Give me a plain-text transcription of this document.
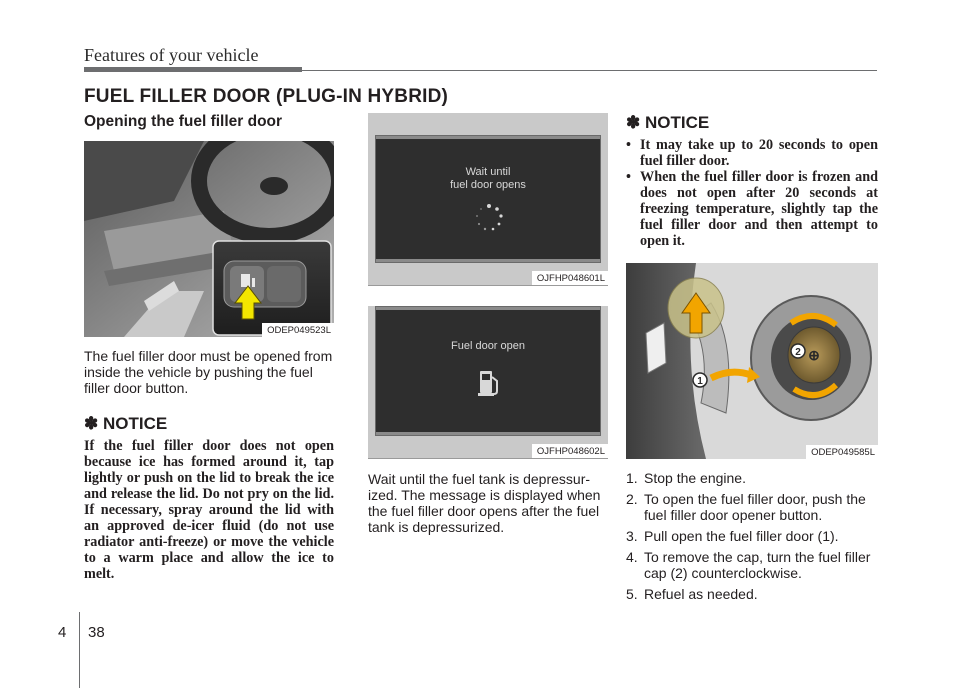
Features of your vehicle
FUEL FILLER DOOR (PLUG-IN HYBRID)
Opening the fuel filler door
ODEP049523L
The fuel filler door must be opened from inside the vehicle by pushing the fuel filler door button.
✽ NOTICE
If the fuel filler door does not open because ice has formed around it, tap lightly or push on the lid to break the ice and release the lid. Do not pry on the lid. If necessary, spray around the lid with an approved de-icer fluid (do not use radiator anti-freeze) or move the vehicle to a warm place and allow the ice to melt.
Wait until
fuel door opens
OJFHP048601L
Fuel door open
OJFHP048602L
Wait until the fuel tank is depressur-ized. The message is displayed when the fuel filler door opens after the fuel tank is depressurized.
✽ NOTICE
• It may take up to 20 seconds to open fuel filler door.
• When the fuel filler door is frozen and does not open after 20 seconds at freezing temperature, slightly tap the fuel filler door and then attempt to open it.
⊕
1
2
ODEP049585L
1. Stop the engine.
2. To open the fuel filler door, push the fuel filler door opener button.
3. Pull open the fuel filler door (1).
4. To remove the cap, turn the fuel filler cap (2) counterclockwise.
5. Refuel as needed.
4 38
